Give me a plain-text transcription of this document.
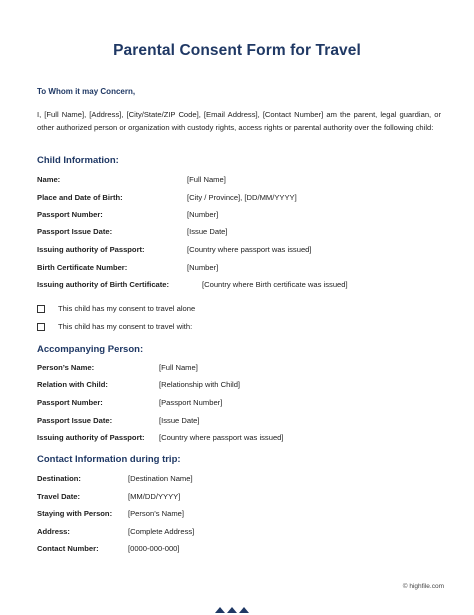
Parental Consent Form for Travel
To Whom it may Concern,
I, [Full Name], [Address], [City/State/ZIP Code], [Email Address], [Contact Number] am the parent, legal guardian, or other authorized person or organization with custody rights, access rights or parental authority over the following child:
Child Information:
Name:	[Full Name]
Place and Date of Birth:	[City / Province], [DD/MM/YYYY]
Passport Number:	[Number]
Passport Issue Date:	[Issue Date]
Issuing authority of Passport:	[Country where passport was issued]
Birth Certificate Number:	[Number]
Issuing authority of Birth Certificate:	[Country where Birth certificate was issued]
This child has my consent to travel alone
This child has my consent to travel with:
Accompanying Person:
Person’s Name:	[Full Name]
Relation with Child:	[Relationship with Child]
Passport Number:	[Passport Number]
Passport Issue Date:	[Issue Date]
Issuing authority of Passport: [Country where passport was issued]
Contact Information during trip:
Destination:	[Destination Name]
Travel Date:	[MM/DD/YYYY]
Staying with Person: [Person’s Name]
Address:	[Complete Address]
Contact Number:	[0000-000-000]
© highfile.com
